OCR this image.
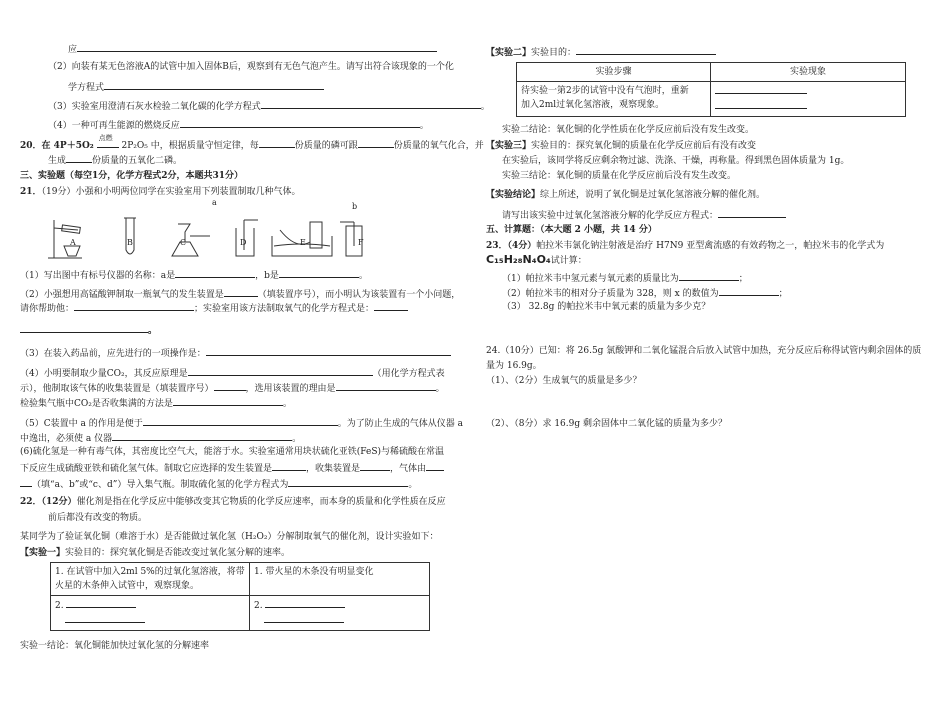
应
（2）向装有某无色溶液A的试管中加入固体B后，观察到有无色气泡产生。请写出符合该现象的一个化
学方程式
（3）实验室用澄清石灰水检验二氧化碳的化学方程式	。
（4）一种可再生能源的燃烧反应	。
20．在 4P＋5O₂
点燃
2P₂O₅ 中，根据质量守恒定律，每	份质量的磷可跟	份质量的氧气化合，并
生成	份质量的五氧化二磷。
三、实验题（每空1分，化学方程式2分，本题共31分）
21．（19分）小强和小明两位同学在实验室用下列装置制取几种气体。
a	b
A	B	C	D	E	F
（1）写出图中有标号仪器的名称：a是	，b是	。
（2）小强想用高锰酸钾制取一瓶氧气的发生装置是	（填装置序号），而小明认为该装置有一个小问题，
请你帮助他：	；实验室用该方法制取氧气的化学方程式是：
。
（3）在装入药品前，应先进行的一项操作是：
（4）小明要制取少量CO₂，其反应原理是	（用化学方程式表
示），他制取该气体的收集装置是（填装置序号）	，选用该装置的理由是	。
检验集气瓶中CO₂是否收集满的方法是	。
（5）C装置中 a 的作用是便于	。为了防止生成的气体从仪器 a
中逸出，必须使 a 仪器	。
(6)硫化氢是一种有毒气体，其密度比空气大，能溶于水。实验室通常用块状硫化亚铁(FeS)与稀硫酸在常温
下反应生成硫酸亚铁和硫化氢气体。制取它应选择的发生装置是	，收集装置是	，气体由
（填“a、b”或“c、d”）导入集气瓶。制取硫化氢的化学方程式为	。
22．（12分）催化剂是指在化学反应中能够改变其它物质的化学反应速率，而本身的质量和化学性质在反应
前后都没有改变的物质。
某同学为了验证氧化铜（难溶于水）是否能做过氧化氢（H₂O₂）分解制取氧气的催化剂，设计实验如下：
【实验一】实验目的：探究氧化铜是否能改变过氧化氢分解的速率。
1. 在试管中加入2ml 5%的过氧化氢溶液，将带火星的木条伸入试管中，观察现象。	1. 带火星的木条没有明显变化
2.	2.

实验一结论：氧化铜能加快过氧化氢的分解速率
【实验二】实验目的：
实验步骤	实验现象
待实验一第2步的试管中没有气泡时，重新
加入2ml过氧化氢溶液，观察现象。	

实验二结论：氧化铜的化学性质在化学反应前后没有发生改变。
【实验三】实验目的：探究氧化铜的质量在化学反应前后有没有改变
在实验后，该同学将反应剩余物过滤、洗涤、干燥，再称量。得到黑色固体质量为 1g。
实验三结论：氧化铜的质量在化学反应前后没有发生改变。
【实验结论】综上所述，说明了氧化铜是过氧化氢溶液分解的催化剂。
请写出该实验中过氧化氢溶液分解的化学反应方程式：
五、计算题：（本大题 2 小题，共 14 分）
23．（4分）帕拉米韦氯化钠注射液是治疗 H7N9 亚型禽流感的有效药物之一，帕拉米韦的化学式为
C₁₅H₂₈N₄O₄试计算：
（1）帕拉米韦中氢元素与氧元素的质量比为	；
（2）帕拉米韦的相对分子质量为 328，则 x 的数值为	；
（3） 32.8g 的帕拉米韦中氧元素的质量为多少克？
24.（10分）已知：将 26.5g 氯酸钾和二氧化锰混合后放入试管中加热，充分反应后称得试管内剩余固体的质
量为 16.9g。
（1）、（2分）生成氧气的质量是多少？
（2）、（8分）求 16.9g 剩余固体中二氧化锰的质量为多少？
